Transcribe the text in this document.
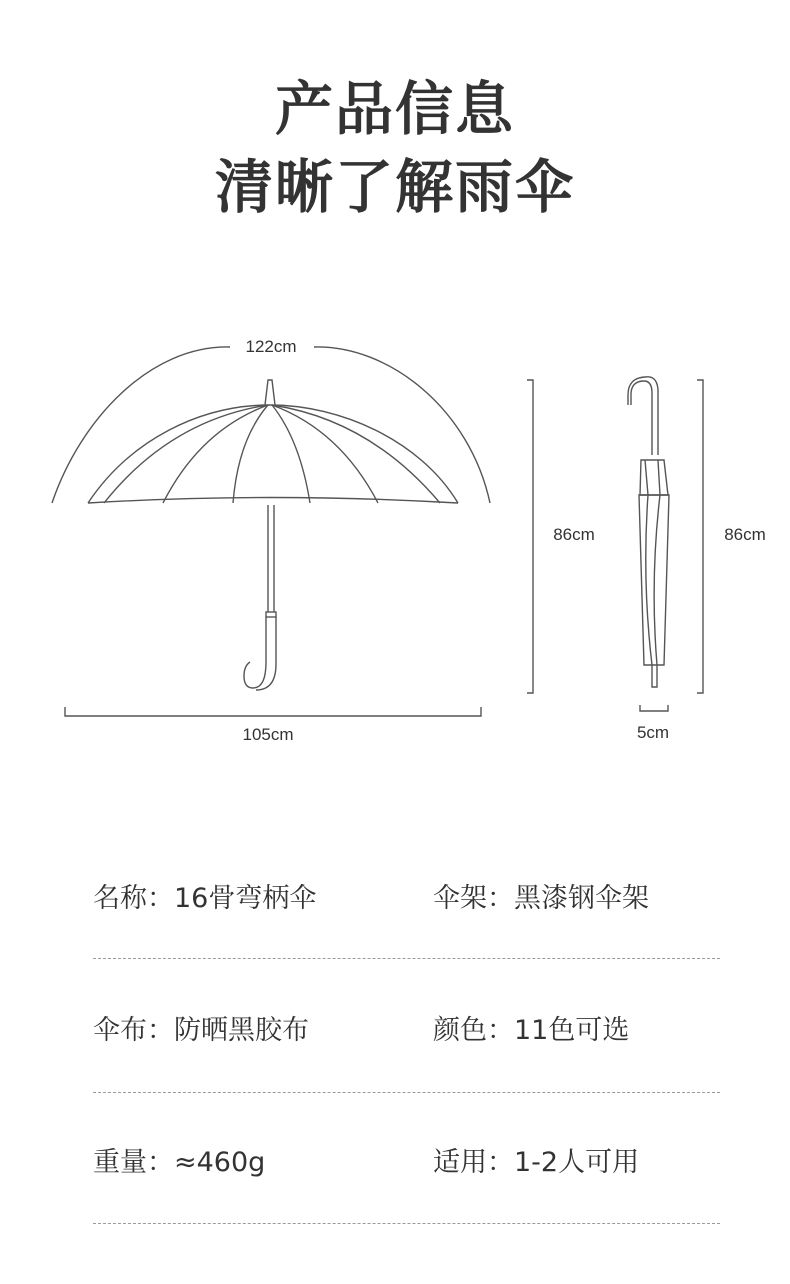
产品信息
清晰了解雨伞
122cm
105cm
86cm	86cm
5cm
名称：16骨弯柄伞	伞架：黑漆钢伞架
伞布：防晒黑胶布	颜色：11色可选
重量：≈460g	适用：1-2人可用
